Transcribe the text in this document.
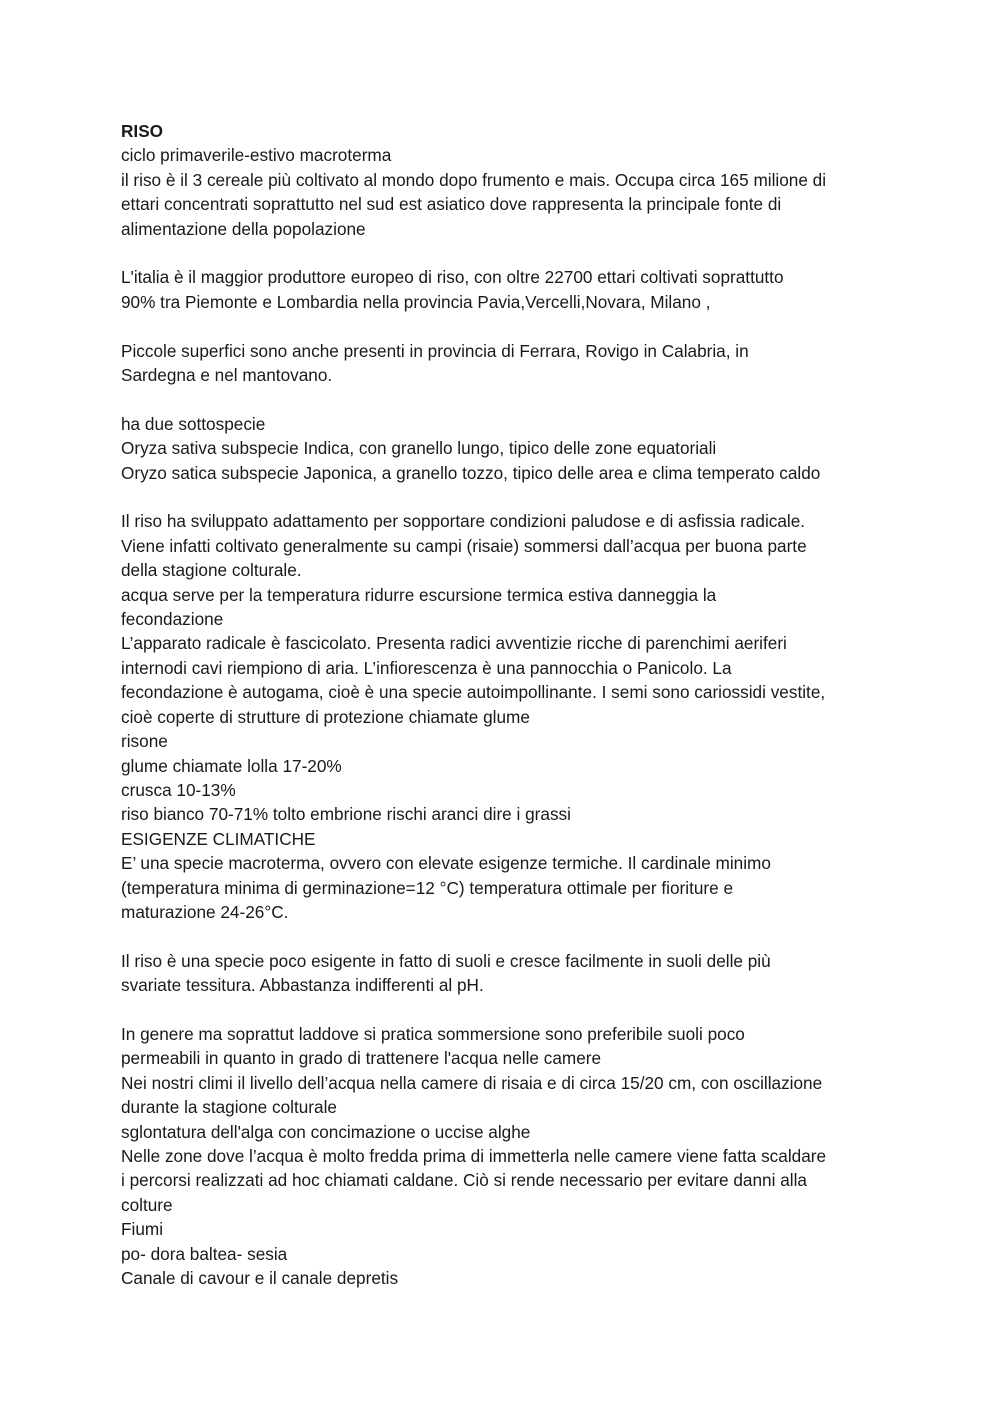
RISO
ciclo primaverile-estivo macroterma
il riso è il 3 cereale più coltivato al mondo dopo frumento e mais. Occupa circa 165 milione di
ettari concentrati soprattutto nel sud est asiatico dove rappresenta la principale fonte di
alimentazione della popolazione
L'italia è il maggior produttore europeo di riso, con oltre 22700 ettari coltivati soprattutto
90% tra Piemonte e Lombardia nella provincia Pavia,Vercelli,Novara, Milano ,
Piccole superfici sono anche presenti in provincia di Ferrara, Rovigo in Calabria, in
Sardegna e nel mantovano.
ha due sottospecie
Oryza sativa subspecie Indica, con granello lungo, tipico delle zone equatoriali
Oryzo satica subspecie Japonica, a granello tozzo, tipico delle area e clima temperato caldo
Il riso ha sviluppato adattamento per sopportare condizioni paludose e di asfissia radicale.
Viene infatti coltivato generalmente su campi (risaie) sommersi dall’acqua per buona parte
della stagione colturale.
acqua serve per la temperatura ridurre escursione termica estiva danneggia la
fecondazione
L’apparato radicale è fascicolato. Presenta radici avventizie ricche di parenchimi aeriferi
internodi cavi riempiono di aria. L’infiorescenza è una pannocchia o Panicolo. La
fecondazione è autogama, cioè è una specie autoimpollinante. I semi sono cariossidi vestite,
cioè coperte di strutture di protezione chiamate glume
risone
glume chiamate lolla 17-20%
crusca 10-13%
riso bianco 70-71% tolto embrione rischi aranci dire i grassi
ESIGENZE CLIMATICHE
E’ una specie macroterma, ovvero con elevate esigenze termiche. Il cardinale minimo
(temperatura minima di germinazione=12 °C) temperatura ottimale per fioriture e
maturazione 24-26°C.
Il riso è una specie poco esigente in fatto di suoli e cresce facilmente in suoli delle più
svariate tessitura. Abbastanza indifferenti al pH.
In genere ma soprattut laddove si pratica sommersione sono preferibile suoli poco
permeabili in quanto in grado di trattenere l'acqua nelle camere
Nei nostri climi il livello dell’acqua nella camere di risaia e di circa 15/20 cm, con oscillazione
durante la stagione colturale
sglontatura dell'alga con concimazione o uccise alghe
Nelle zone dove l’acqua è molto fredda prima di immetterla nelle camere viene fatta scaldare
i percorsi realizzati ad hoc chiamati caldane. Ciò si rende necessario per evitare danni alla
colture
Fiumi
po- dora baltea- sesia
Canale di cavour e il canale depretis
